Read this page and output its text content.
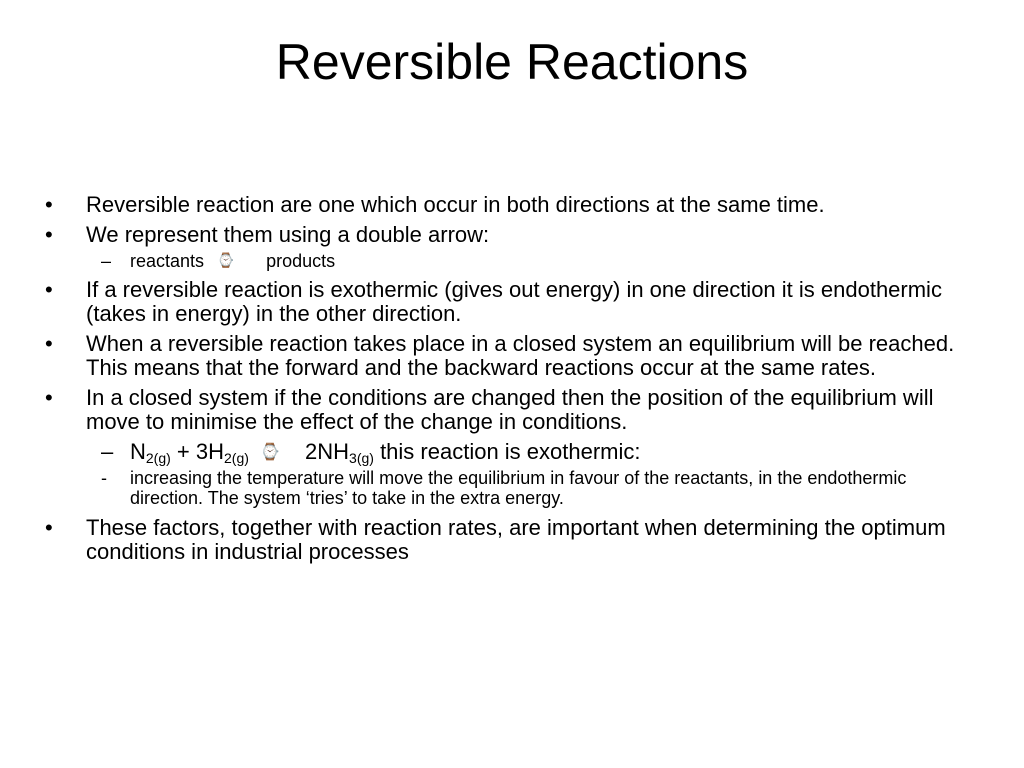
Reversible Reactions
•	Reversible reaction are one which occur in both directions at the same time.
•	We represent them using a double arrow:
– reactants ⌚ products
•	If a reversible reaction is exothermic (gives out energy) in one direction it is endothermic (takes in energy) in the other direction.
•	When a reversible reaction takes place in a closed system an equilibrium will be reached. This means that the forward and the backward reactions occur at the same rates.
•	In a closed system if the conditions are changed then the position of the equilibrium will move to minimise the effect of the change in conditions.
– $N_{2(g)} + 3H_{2(g)}$ ⌚ $2NH_{3(g)}$ this reaction is exothermic:
- increasing the temperature will move the equilibrium in favour of the reactants, in the endothermic direction. The system ‘tries’ to take in the extra energy.
•	These factors, together with reaction rates, are important when determining the optimum conditions in industrial processes
